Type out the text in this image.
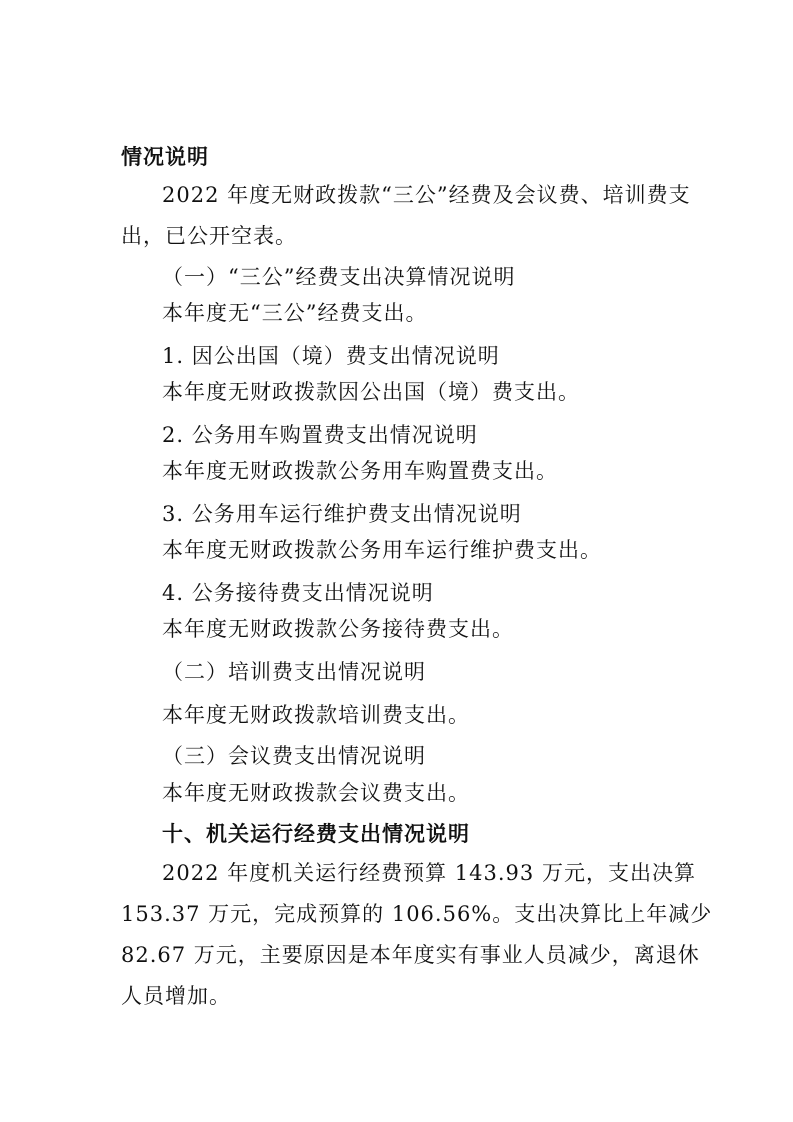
情况说明
2022 年度无财政拨款“三公”经费及会议费、培训费支
出，已公开空表。
（一）“三公”经费支出决算情况说明
本年度无“三公”经费支出。
1. 因公出国（境）费支出情况说明
本年度无财政拨款因公出国（境）费支出。
2. 公务用车购置费支出情况说明
本年度无财政拨款公务用车购置费支出。
3. 公务用车运行维护费支出情况说明
本年度无财政拨款公务用车运行维护费支出。
4. 公务接待费支出情况说明
本年度无财政拨款公务接待费支出。
（二）培训费支出情况说明
本年度无财政拨款培训费支出。
（三）会议费支出情况说明
本年度无财政拨款会议费支出。
十、机关运行经费支出情况说明
2022 年度机关运行经费预算 143.93 万元，支出决算
153.37 万元，完成预算的 106.56%。支出决算比上年减少
82.67 万元，主要原因是本年度实有事业人员减少，离退休
人员增加。
